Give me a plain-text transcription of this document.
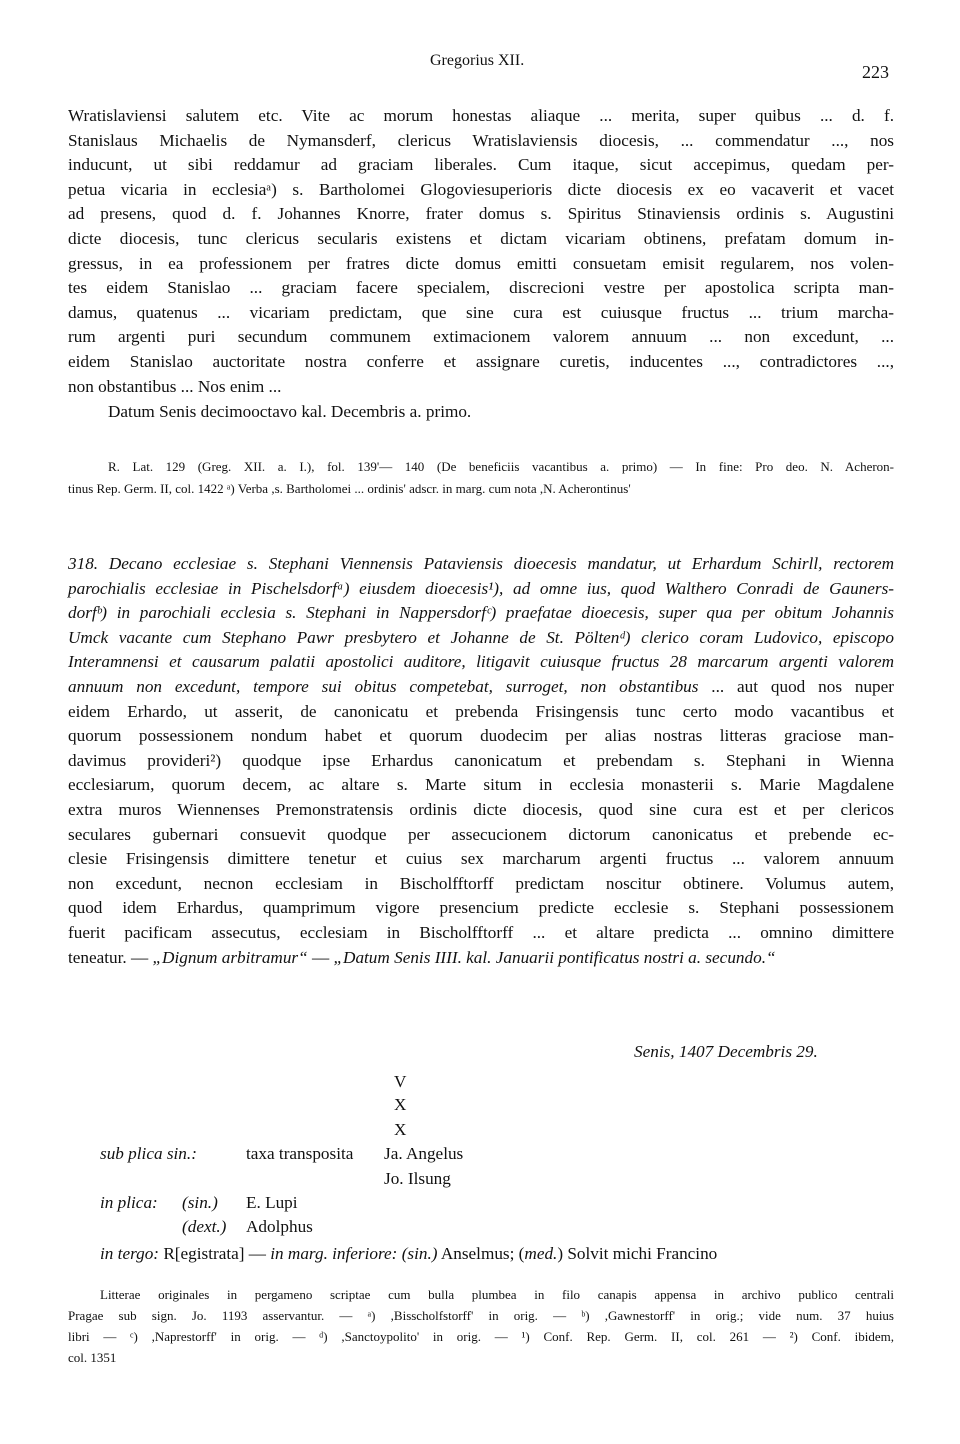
Gregorius XII.
223
Wratislaviensi salutem etc. Vite ac morum honestas aliaque ... merita, super quibus ... d. f.
Stanislaus Michaelis de Nymansderf, clericus Wratislaviensis diocesis, ... commendatur ..., nos
inducunt, ut sibi reddamur ad graciam liberales. Cum itaque, sicut accepimus, quedam per-
petua vicaria in ecclesiaᵃ) s. Bartholomei Glogoviesuperioris dicte diocesis ex eo vacaverit et vacet
ad presens, quod d. f. Johannes Knorre, frater domus s. Spiritus Stinaviensis ordinis s. Augustini
dicte diocesis, tunc clericus secularis existens et dictam vicariam obtinens, prefatam domum in-
gressus, in ea professionem per fratres dicte domus emitti consuetam emisit regularem, nos volen-
tes eidem Stanislao ... graciam facere specialem, discrecioni vestre per apostolica scripta man-
damus, quatenus ... vicariam predictam, que sine cura est cuiusque fructus ... trium marcha-
rum argenti puri secundum communem extimacionem valorem annuum ... non excedunt, ...
eidem Stanislao auctoritate nostra conferre et assignare curetis, inducentes ..., contradictores ...,
non obstantibus ... Nos enim ...
Datum Senis decimooctavo kal. Decembris a. primo.
R. Lat. 129 (Greg. XII. a. I.), fol. 139'— 140 (De beneficiis vacantibus a. primo) — In fine: Pro deo. N. Acheron-
tinus Rep. Germ. II, col. 1422 ᵃ) Verba ,s. Bartholomei ... ordinis' adscr. in marg. cum nota ,N. Acherontinus'
318. Decano ecclesiae s. Stephani Viennensis Pataviensis dioecesis mandatur, ut Erhardum Schirll, rectorem
parochialis ecclesiae in Pischelsdorfᵃ) eiusdem dioecesis¹), ad omne ius, quod Walthero Conradi de Gauners-
dorfᵇ) in parochiali ecclesia s. Stephani in Nappersdorfᶜ) praefatae dioecesis, super qua per obitum Johannis
Umck vacante cum Stephano Pawr presbytero et Johanne de St. Pöltenᵈ) clerico coram Ludovico, episcopo
Interamnensi et causarum palatii apostolici auditore, litigavit cuiusque fructus 28 marcarum argenti valorem
annuum non excedunt, tempore sui obitus competebat, surroget, non obstantibus ... aut quod nos nuper
eidem Erhardo, ut asserit, de canonicatu et prebenda Frisingensis tunc certo modo vacantibus et
quorum possessionem nondum habet et quorum duodecim per alias nostras litteras graciose man-
davimus provideri²) quodque ipse Erhardus canonicatum et prebendam s. Stephani in Wienna
ecclesiarum, quorum decem, ac altare s. Marte situm in ecclesia monasterii s. Marie Magdalene
extra muros Wiennenses Premonstratensis ordinis dicte diocesis, quod sine cura est et per clericos
seculares gubernari consuevit quodque per assecucionem dictorum canonicatus et prebende ec-
clesie Frisingensis dimittere tenetur et cuius sex marcharum argenti fructus ... valorem annuum
non excedunt, necnon ecclesiam in Bischolfftorff predictam noscitur obtinere. Volumus autem,
quod idem Erhardus, quamprimum vigore presencium predicte ecclesie s. Stephani possessionem
fuerit pacificam assecutus, ecclesiam in Bischolfftorff ... et altare predicta ... omnino dimittere
teneatur. — „Dignum arbitramur“ — „Datum Senis IIII. kal. Januarii pontificatus nostri a. secundo.“
Senis, 1407 Decembris 29.
V
X
X
sub plica sin.:	taxa transposita Ja. Angelus
Jo. Ilsung
in plica: (sin.) E. Lupi
(dext.) Adolphus
in tergo: R[egistrata] — in marg. inferiore: (sin.) Anselmus; (med.) Solvit michi Francino
Litterae originales in pergameno scriptae cum bulla plumbea in filo canapis appensa in archivo publico centrali
Pragae sub sign. Jo. 1193 asservantur. — ᵃ) ,Bisscholfstorff' in orig. — ᵇ) ,Gawnestorff' in orig.; vide num. 37 huius
libri — ᶜ) ,Naprestorff' in orig. — ᵈ) ,Sanctoypolito' in orig. — ¹) Conf. Rep. Germ. II, col. 261 — ²) Conf. ibidem,
col. 1351
